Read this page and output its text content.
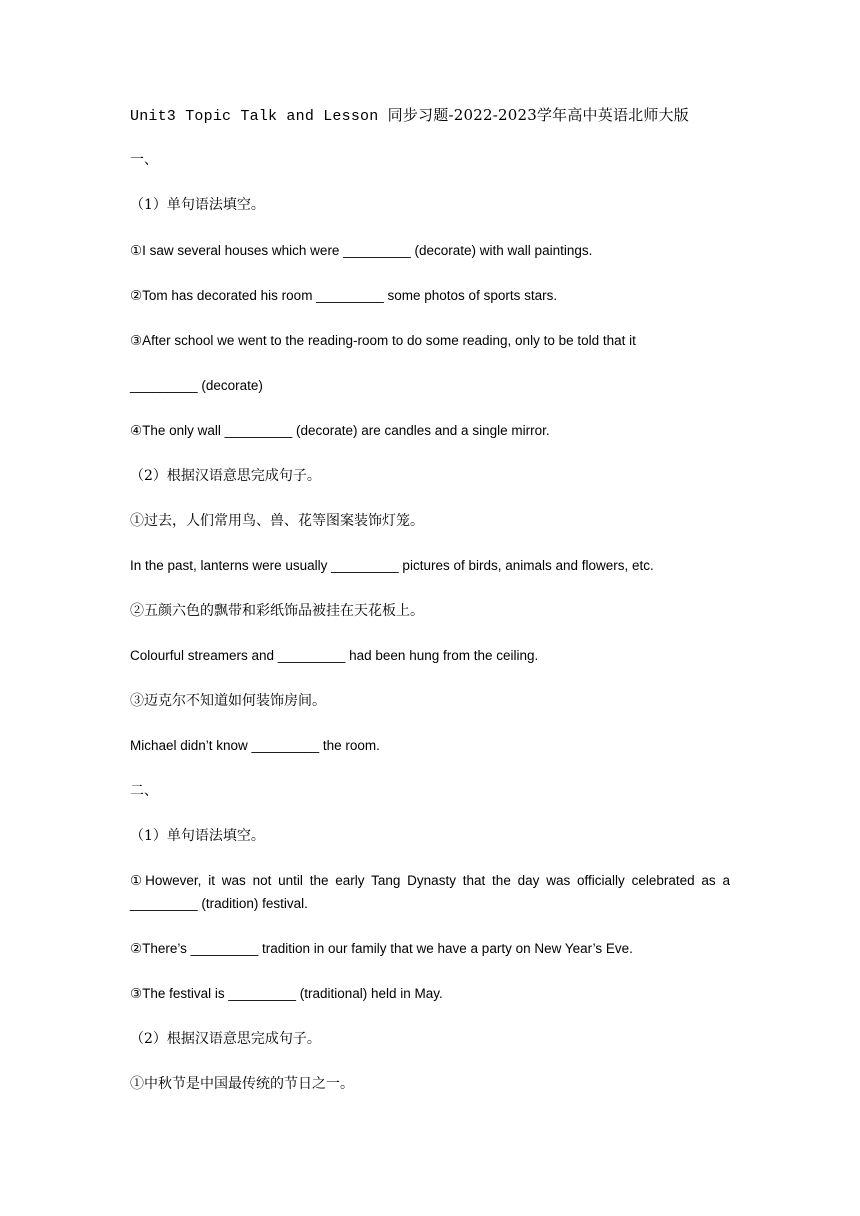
Unit3 Topic Talk and Lesson 同步习题-2022-2023学年高中英语北师大版
一、
（1）单句语法填空。
①I saw several houses which were _________ (decorate) with wall paintings.
②Tom has decorated his room _________ some photos of sports stars.
③After school we went to the reading-room to do some reading, only to be told that it
_________ (decorate)
④The only wall _________ (decorate) are candles and a single mirror.
（2）根据汉语意思完成句子。
①过去，人们常用鸟、兽、花等图案装饰灯笼。
In the past, lanterns were usually _________ pictures of birds, animals and flowers, etc.
②五颜六色的飘带和彩纸饰品被挂在天花板上。
Colourful streamers and _________ had been hung from the ceiling.
③迈克尔不知道如何装饰房间。
Michael didn’t know _________ the room.
二、
（1）单句语法填空。
①However, it was not until the early Tang Dynasty that the day was officially celebrated as a
_________ (tradition) festival.
②There’s _________ tradition in our family that we have a party on New Year’s Eve.
③The festival is _________ (traditional) held in May.
（2）根据汉语意思完成句子。
①中秋节是中国最传统的节日之一。
